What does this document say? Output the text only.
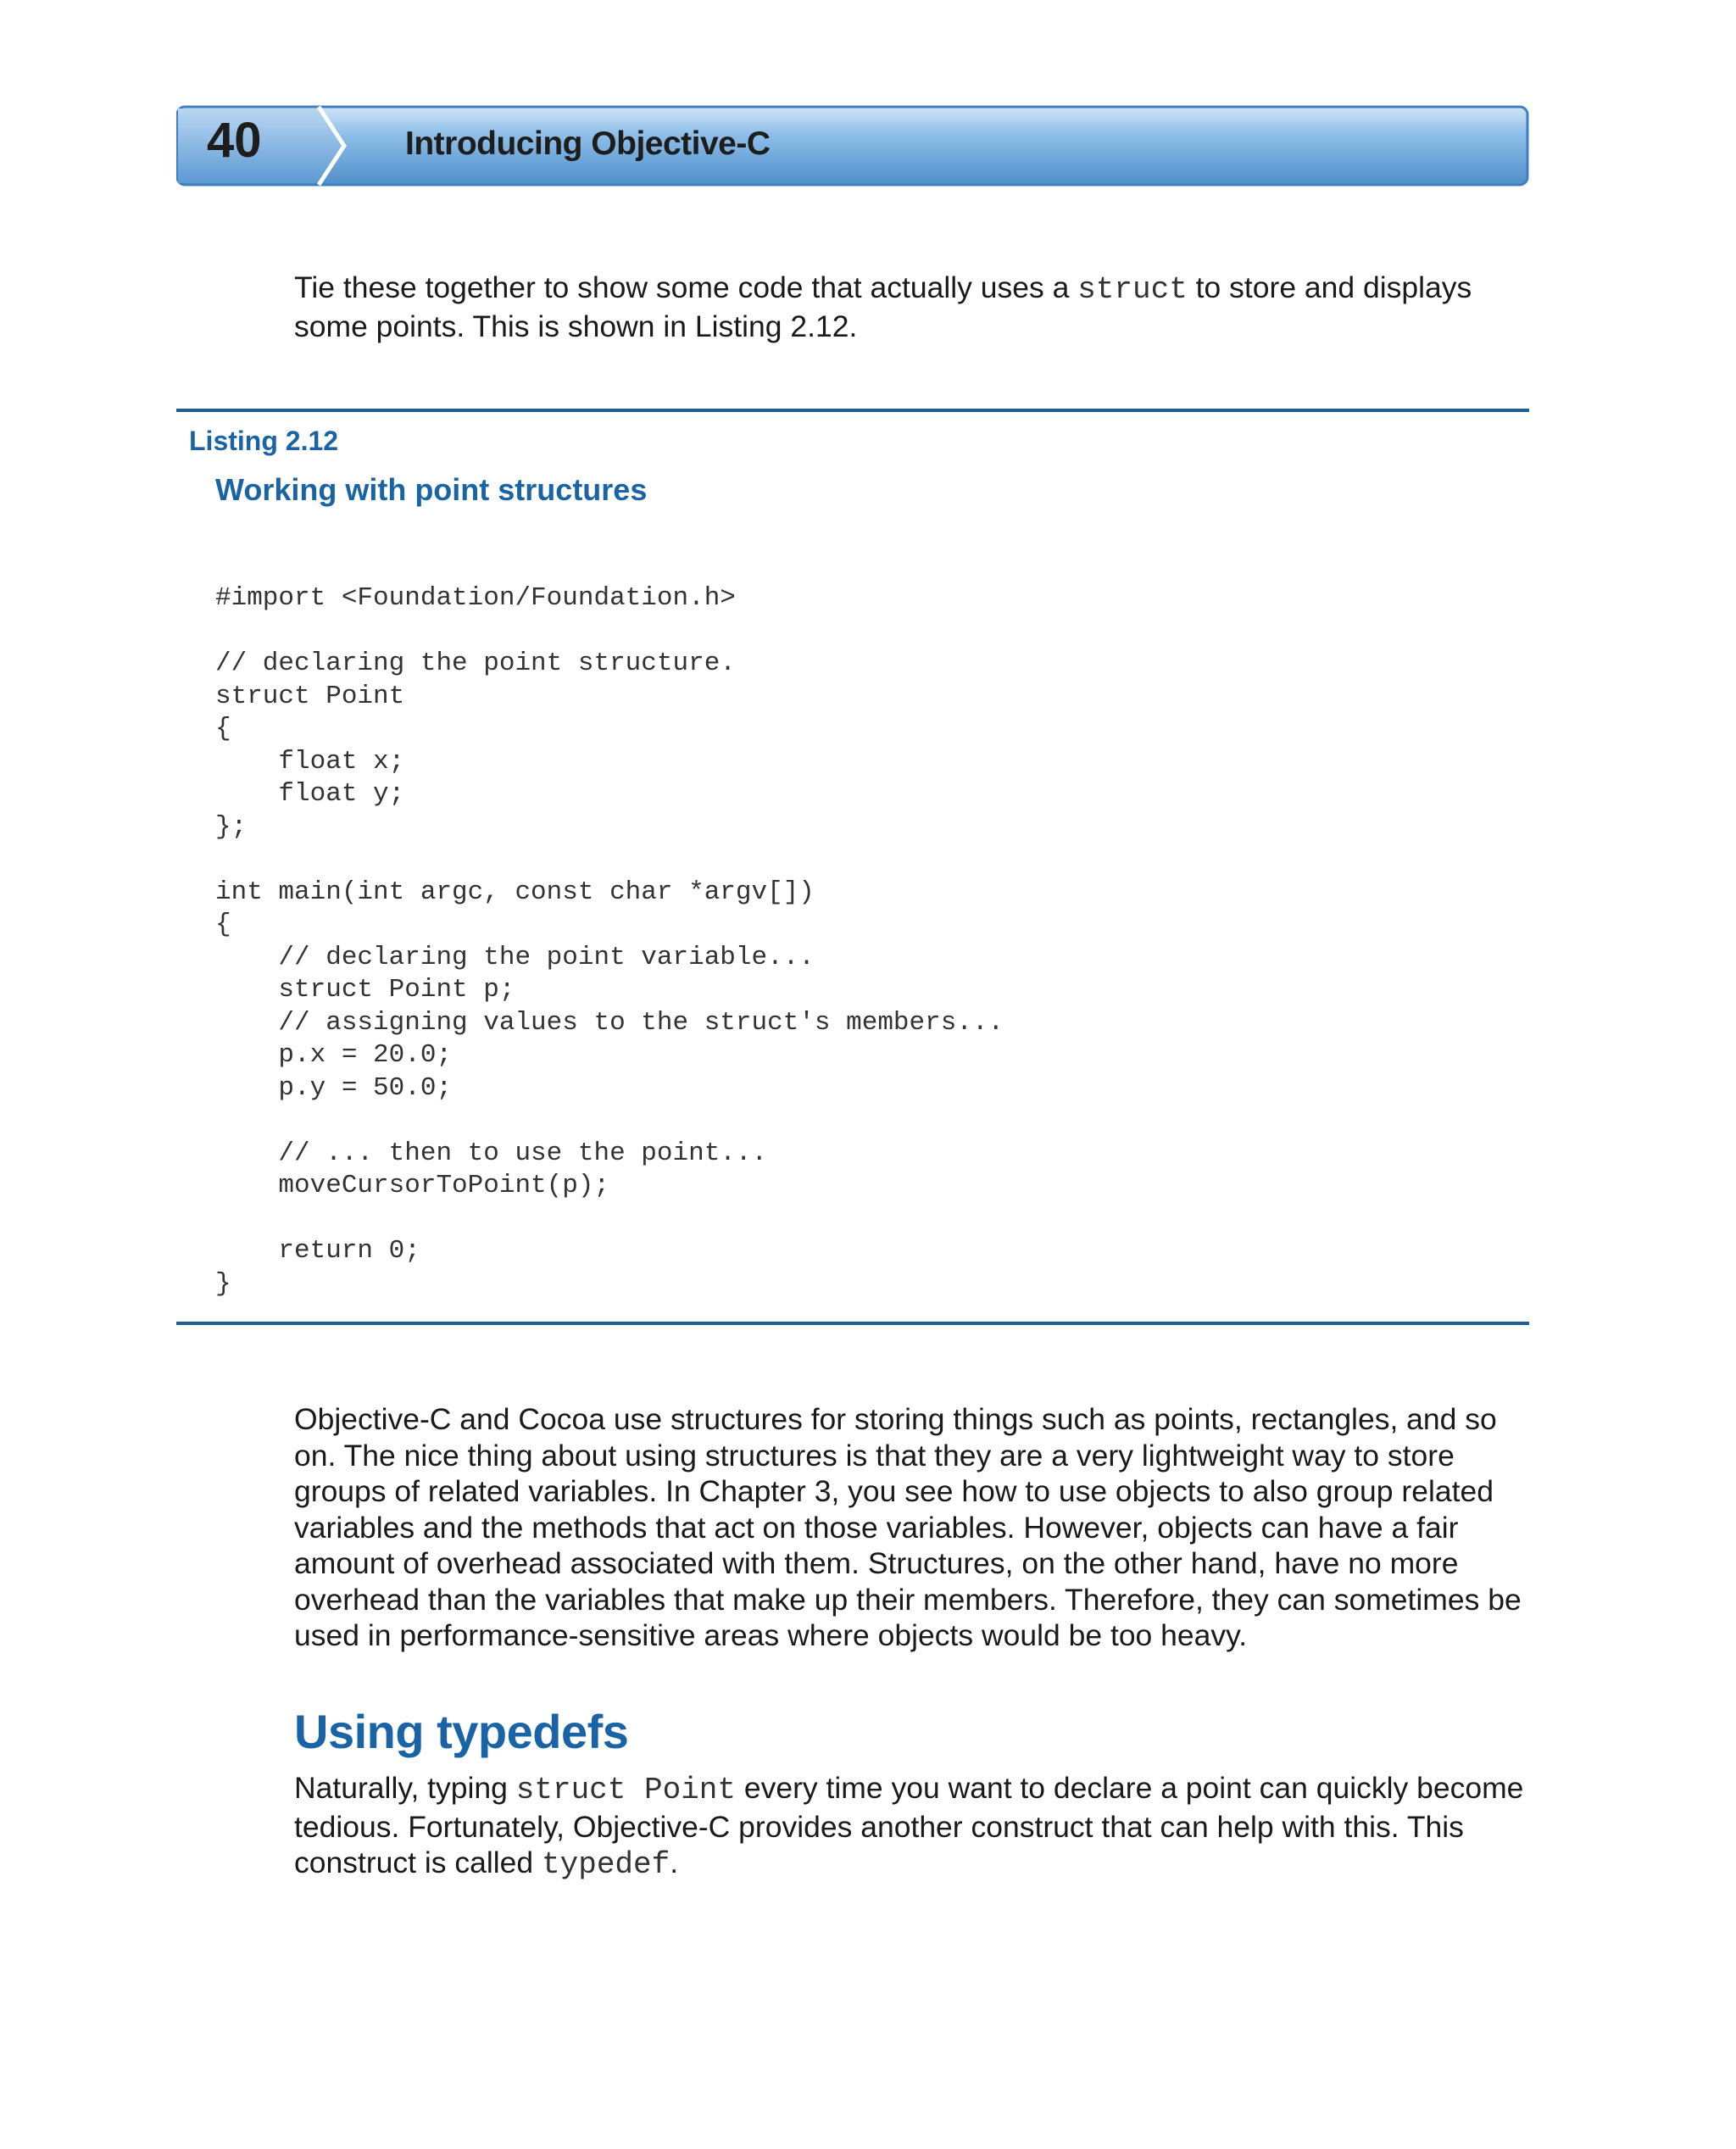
40	Introducing Objective-C

Tie these together to show some code that actually uses a struct to store and displays some points. This is shown in Listing 2.12.

Listing 2.12
Working with point structures
#import <Foundation/Foundation.h>

// declaring the point structure.
struct Point
{
float x;
float y;
};

int main(int argc, const char *argv[])
{
// declaring the point variable...
struct Point p;
// assigning values to the struct's members...
p.x = 20.0;
p.y = 50.0;

// ... then to use the point...
moveCursorToPoint(p);

return 0;
}

Objective-C and Cocoa use structures for storing things such as points, rectangles, and so on. The nice thing about using structures is that they are a very lightweight way to store groups of related variables. In Chapter 3, you see how to use objects to also group related variables and the methods that act on those variables. However, objects can have a fair amount of overhead associated with them. Structures, on the other hand, have no more overhead than the variables that make up their members. Therefore, they can sometimes be used in performance-sensitive areas where objects would be too heavy.

Using typedefs

Naturally, typing struct Point every time you want to declare a point can quickly become tedious. Fortunately, Objective-C provides another construct that can help with this. This construct is called typedef.
